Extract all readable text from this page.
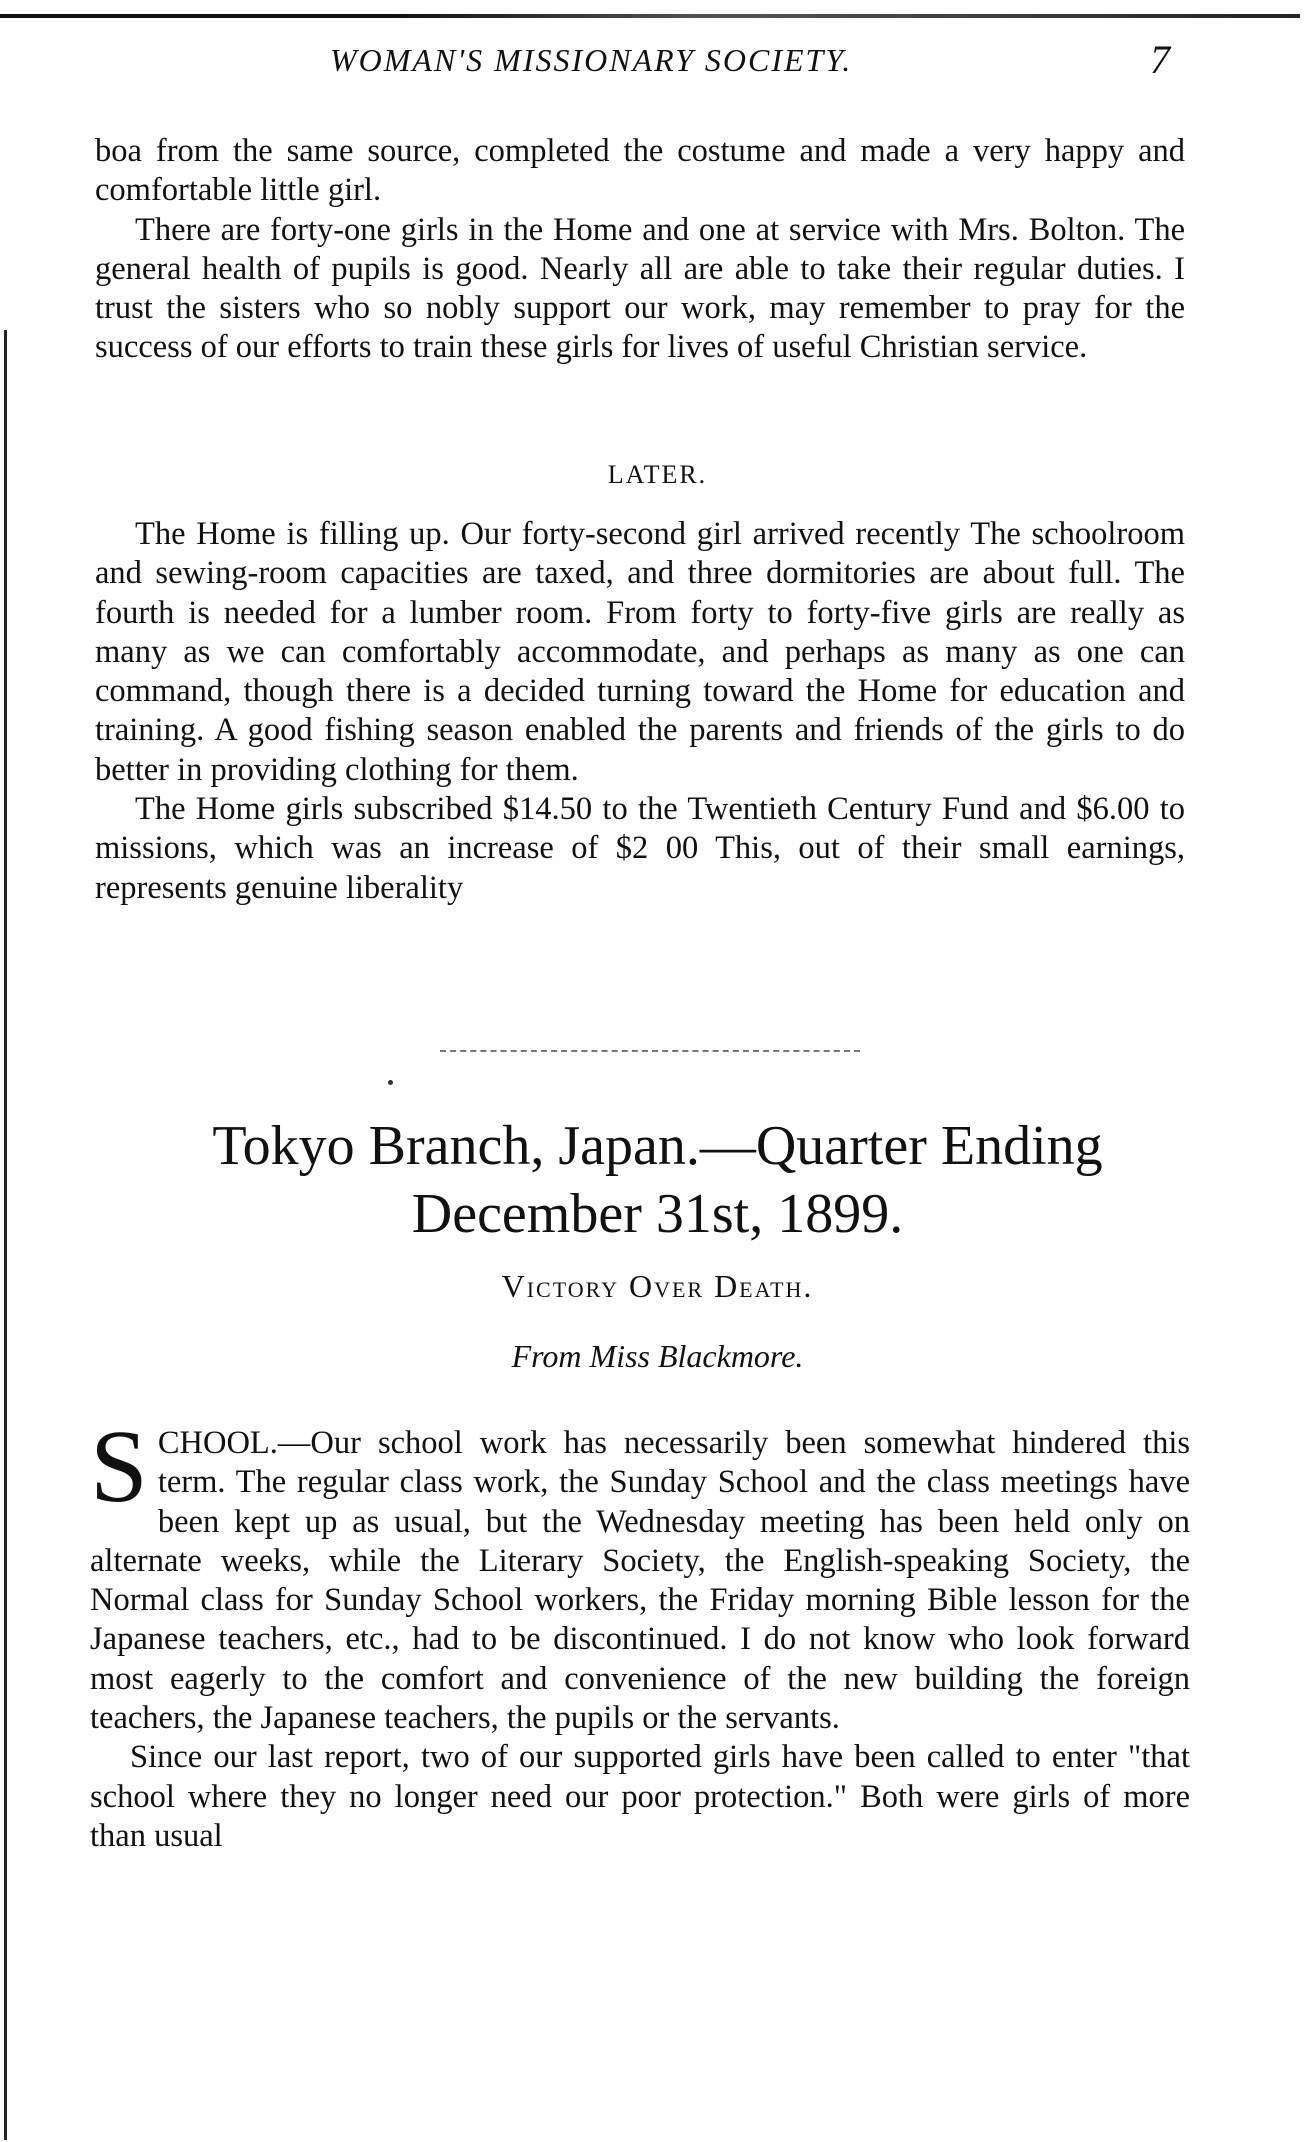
WOMAN'S MISSIONARY SOCIETY.	7

boa from the same source, completed the costume and made a very happy and comfortable little girl.

There are forty-one girls in the Home and one at service with Mrs. Bolton. The general health of pupils is good. Nearly all are able to take their regular duties. I trust the sisters who so nobly support our work, may remember to pray for the success of our efforts to train these girls for lives of useful Christian service.

LATER.

The Home is filling up. Our forty-second girl arrived recently The schoolroom and sewing-room capacities are taxed, and three dormitories are about full. The fourth is needed for a lumber room. From forty to forty-five girls are really as many as we can comfortably accommodate, and perhaps as many as one can command, though there is a decided turning toward the Home for education and training. A good fishing season enabled the parents and friends of the girls to do better in providing clothing for them.

The Home girls subscribed $14.50 to the Twentieth Century Fund and $6.00 to missions, which was an increase of $2 00 This, out of their small earnings, represents genuine liberality

Tokyo Branch, Japan.—Quarter Ending
December 31st, 1899.
Victory Over Death.
From Miss Blackmore.

SCHOOL.—Our school work has necessarily been somewhat hindered this term. The regular class work, the Sunday School and the class meetings have been kept up as usual, but the Wednesday meeting has been held only on alternate weeks, while the Literary Society, the English-speaking Society, the Normal class for Sunday School workers, the Friday morning Bible lesson for the Japanese teachers, etc., had to be discontinued. I do not know who look forward most eagerly to the comfort and convenience of the new building the foreign teachers, the Japanese teachers, the pupils or the servants.

Since our last report, two of our supported girls have been called to enter "that school where they no longer need our poor protection." Both were girls of more than usual
